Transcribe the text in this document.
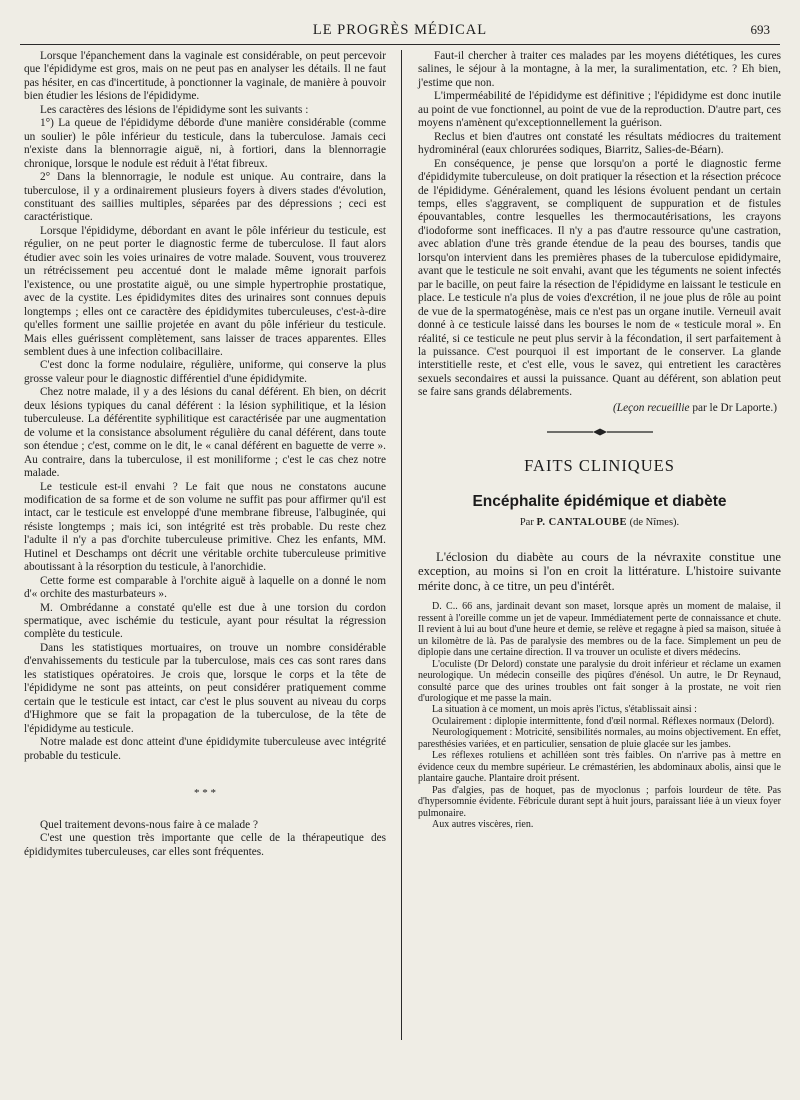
LE PROGRÈS MÉDICAL	693

Lorsque l'épanchement dans la vaginale est considérable, on peut percevoir que l'épididyme est gros, mais on ne peut pas en analyser les détails. Il ne faut pas hésiter, en cas d'incertitude, à ponctionner la vaginale, de manière à pouvoir bien étudier les lésions de l'épididyme.

Les caractères des lésions de l'épididyme sont les suivants :

1°) La queue de l'épididyme déborde d'une manière considérable (comme un soulier) le pôle inférieur du testicule, dans la tuberculose. Jamais ceci n'existe dans la blennorragie aiguë, ni, à fortiori, dans la blennorragie chronique, lorsque le nodule est réduit à l'état fibreux.

2° Dans la blennorragie, le nodule est unique. Au contraire, dans la tuberculose, il y a ordinairement plusieurs foyers à divers stades d'évolution, constituant des saillies multiples, séparées par des dépressions ; ceci est caractéristique.

Lorsque l'épididyme, débordant en avant le pôle inférieur du testicule, est régulier, on ne peut porter le diagnostic ferme de tuberculose. Il faut alors étudier avec soin les voies urinaires de votre malade. Souvent, vous trouverez un rétrécissement peu accentué dont le malade même ignorait parfois l'existence, ou une prostatite aiguë, ou une simple hypertrophie prostatique, avec de la cystite. Les épididymites dites des urinaires sont connues depuis longtemps ; elles ont ce caractère des épididymites tuberculeuses, c'est-à-dire qu'elles forment une saillie projetée en avant du pôle inférieur du testicule. Mais elles guérissent complètement, sans laisser de traces apparentes. Elles semblent dues à une infection colibacillaire.

C'est donc la forme nodulaire, régulière, uniforme, qui conserve la plus grosse valeur pour le diagnostic différentiel d'une épididymite.

Chez notre malade, il y a des lésions du canal déférent. Eh bien, on décrit deux lésions typiques du canal déférent : la lésion syphilitique, et la lésion tuberculeuse. La déférentite syphilitique est caractérisée par une augmentation de volume et la consistance absolument régulière du canal déférent, dans toute son étendue ; c'est, comme on le dit, le « canal déférent en baguette de verre ». Au contraire, dans la tuberculose, il est moniliforme ; c'est le cas chez notre malade.

Le testicule est-il envahi ? Le fait que nous ne constatons aucune modification de sa forme et de son volume ne suffit pas pour affirmer qu'il est intact, car le testicule est enveloppé d'une membrane fibreuse, l'albuginée, qui résiste longtemps ; mais ici, son intégrité est très probable. Du reste chez l'adulte il n'y a pas d'orchite tuberculeuse primitive. Chez les enfants, MM. Hutinel et Deschamps ont décrit une véritable orchite tuberculeuse primitive aboutissant à la résorption du testicule, à l'anorchidie.

Cette forme est comparable à l'orchite aiguë à laquelle on a donné le nom d'« orchite des masturbateurs ».

M. Ombrédanne a constaté qu'elle est due à une torsion du cordon spermatique, avec ischémie du testicule, ayant pour résultat la régression complète du testicule.

Dans les statistiques mortuaires, on trouve un nombre considérable d'envahissements du testicule par la tuberculose, mais ces cas sont rares dans les statistiques opératoires. Je crois que, lorsque le corps et la tête de l'épididyme ne sont pas atteints, on peut considérer pratiquement comme certain que le testicule est intact, car c'est le plus souvent au niveau du corps d'Highmore que se fait la propagation de la tuberculose, de la tête de l'épididyme au testicule.

Notre malade est donc atteint d'une épididymite tuberculeuse avec intégrité probable du testicule.

* * *

Quel traitement devons-nous faire à ce malade ?

C'est une question très importante que celle de la thérapeutique des épididymites tuberculeuses, car elles sont fréquentes.

Faut-il chercher à traiter ces malades par les moyens diététiques, les cures salines, le séjour à la montagne, à la mer, la suralimentation, etc. ? Eh bien, j'estime que non.

L'imperméabilité de l'épididyme est définitive ; l'épididyme est donc inutile au point de vue fonctionnel, au point de vue de la reproduction. D'autre part, ces moyens n'amènent qu'exceptionnellement la guérison.

Reclus et bien d'autres ont constaté les résultats médiocres du traitement hydrominéral (eaux chlorurées sodiques, Biarritz, Salies-de-Béarn).

En conséquence, je pense que lorsqu'on a porté le diagnostic ferme d'épididymite tuberculeuse, on doit pratiquer la résection et la résection précoce de l'épididyme. Généralement, quand les lésions évoluent pendant un certain temps, elles s'aggravent, se compliquent de suppuration et de fistules épouvantables, contre lesquelles les thermocautérisations, les crayons d'iodoforme sont inefficaces. Il n'y a pas d'autre ressource qu'une castration, avec ablation d'une très grande étendue de la peau des bourses, tandis que lorsqu'on intervient dans les premières phases de la tuberculose epididymaire, avant que le testicule ne soit envahi, avant que les téguments ne soient infectés par le bacille, on peut faire la résection de l'épididyme en laissant le testicule en place. Le testicule n'a plus de voies d'excrétion, il ne joue plus de rôle au point de vue de la spermatogénèse, mais ce n'est pas un organe inutile. Verneuil avait donné à ce testicule laissé dans les bourses le nom de « testicule moral ». En réalité, si ce testicule ne peut plus servir à la fécondation, il sert parfaitement à la puissance. C'est pourquoi il est important de le conserver. La glande interstitielle reste, et c'est elle, vous le savez, qui entretient les caractères sexuels secondaires et aussi la puissance. Quant au déférent, son ablation peut se faire sans grands délabrements.

(Leçon recueillie par le Dr Laporte.)

FAITS CLINIQUES
Encéphalite épidémique et diabète
Par P. CANTALOUBE (de Nîmes).

L'éclosion du diabète au cours de la névraxite constitue une exception, au moins si l'on en croit la littérature. L'histoire suivante mérite donc, à ce titre, un peu d'intérêt.

D. C.. 66 ans, jardinait devant son maset, lorsque après un moment de malaise, il ressent à l'oreille comme un jet de vapeur. Immédiatement perte de connaissance et chute. Il revient à lui au bout d'une heure et demie, se relève et regagne à pied sa maison, située à un kilomètre de là. Pas de paralysie des membres ou de la face. Simplement un peu de diplopie dans une certaine direction. Il va trouver un oculiste et divers médecins.

L'oculiste (Dr Delord) constate une paralysie du droit inférieur et réclame un examen neurologique. Un médecin conseille des piqûres d'énésol. Un autre, le Dr Reynaud, consulté parce que des urines troubles ont fait songer à la prostate, ne voit rien d'urologique et me passe la main.

La situation à ce moment, un mois après l'ictus, s'établissait ainsi :

Oculairement : diplopie intermittente, fond d'œil normal. Réflexes normaux (Delord).

Neurologiquement : Motricité, sensibilités normales, au moins objectivement. En effet, paresthésies variées, et en particulier, sensation de pluie glacée sur les jambes.

Les réflexes rotuliens et achilléen sont très faibles. On n'arrive pas à mettre en évidence ceux du membre supérieur. Le crémastérien, les abdominaux abolis, ainsi que le plantaire gauche. Plantaire droit présent.

Pas d'algies, pas de hoquet, pas de myoclonus ; parfois lourdeur de tête. Pas d'hypersomnie évidente. Fébricule durant sept à huit jours, paraissant liée à un vieux foyer pulmonaire.

Aux autres viscères, rien.
